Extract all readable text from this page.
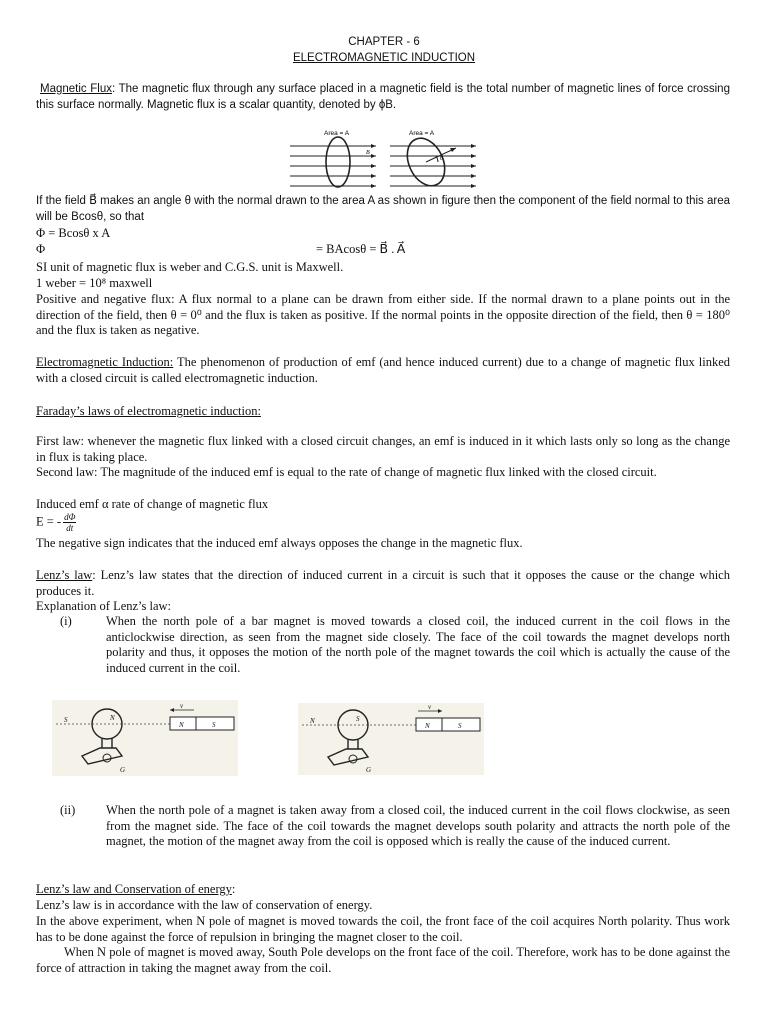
CHAPTER - 6
ELECTROMAGNETIC INDUCTION
Magnetic Flux: The magnetic flux through any surface placed in a magnetic field is the total number of magnetic lines of force crossing this surface normally. Magnetic flux is a scalar quantity, denoted by ϕB.
Area = A	Area = A
B
θ
If the field B⃗ makes an angle θ with the normal drawn to the area A as shown in figure then the component of the field normal to this area will be Bcosθ, so that
Φ = Bcosθ x A
Φ	= BAcosθ = B⃗ . A⃗
SI unit of magnetic flux is weber and C.G.S. unit is Maxwell.
1 weber = 10⁸ maxwell
Positive and negative flux: A flux normal to a plane can be drawn from either side. If the normal drawn to a plane points out in the direction of the field, then θ = 0⁰ and the flux is taken as positive. If the normal points in the opposite direction of the field, then θ = 180⁰ and the flux is taken as negative.
Electromagnetic Induction: The phenomenon of production of emf (and hence induced current) due to a change of magnetic flux linked with a closed circuit is called electromagnetic induction.
Faraday’s laws of electromagnetic induction:
First law: whenever the magnetic flux linked with a closed circuit changes, an emf is induced in it which lasts only so long as the change in flux is taking place.
Second law: The magnitude of the induced emf is equal to the rate of change of magnetic flux linked with the closed circuit.
Induced emf α rate of change of magnetic flux
E = - $\frac{d\Phi}{dt}$
The negative sign indicates that the induced emf always opposes the change in the magnetic flux.
Lenz’s law: Lenz’s law states that the direction of induced current in a circuit is such that it opposes the cause or the change which produces it.
Explanation of Lenz’s law:
(i)	When the north pole of a bar magnet is moved towards a closed coil, the induced current in the coil flows in the anticlockwise direction, as seen from the magnet side closely. The face of the coil towards the magnet develops north polarity and thus, it opposes the motion of the north pole of the magnet towards the coil which is actually the cause of the induced current in the coil.
S	N
N	S
G
v
N	S
N	S
G
v
(ii) When the north pole of a magnet is taken away from a closed coil, the induced current in the coil flows clockwise, as seen from the magnet side. The face of the coil towards the magnet develops south polarity and attracts the north pole of the magnet, the motion of the magnet away from the coil is opposed which is really the cause of the induced current.
Lenz’s law and Conservation of energy:
Lenz’s law is in accordance with the law of conservation of energy.
In the above experiment, when N pole of magnet is moved towards the coil, the front face of the coil acquires North polarity. Thus work has to be done against the force of repulsion in bringing the magnet closer to the coil.
When N pole of magnet is moved away, South Pole develops on the front face of the coil. Therefore, work has to be done against the force of attraction in taking the magnet away from the coil.
